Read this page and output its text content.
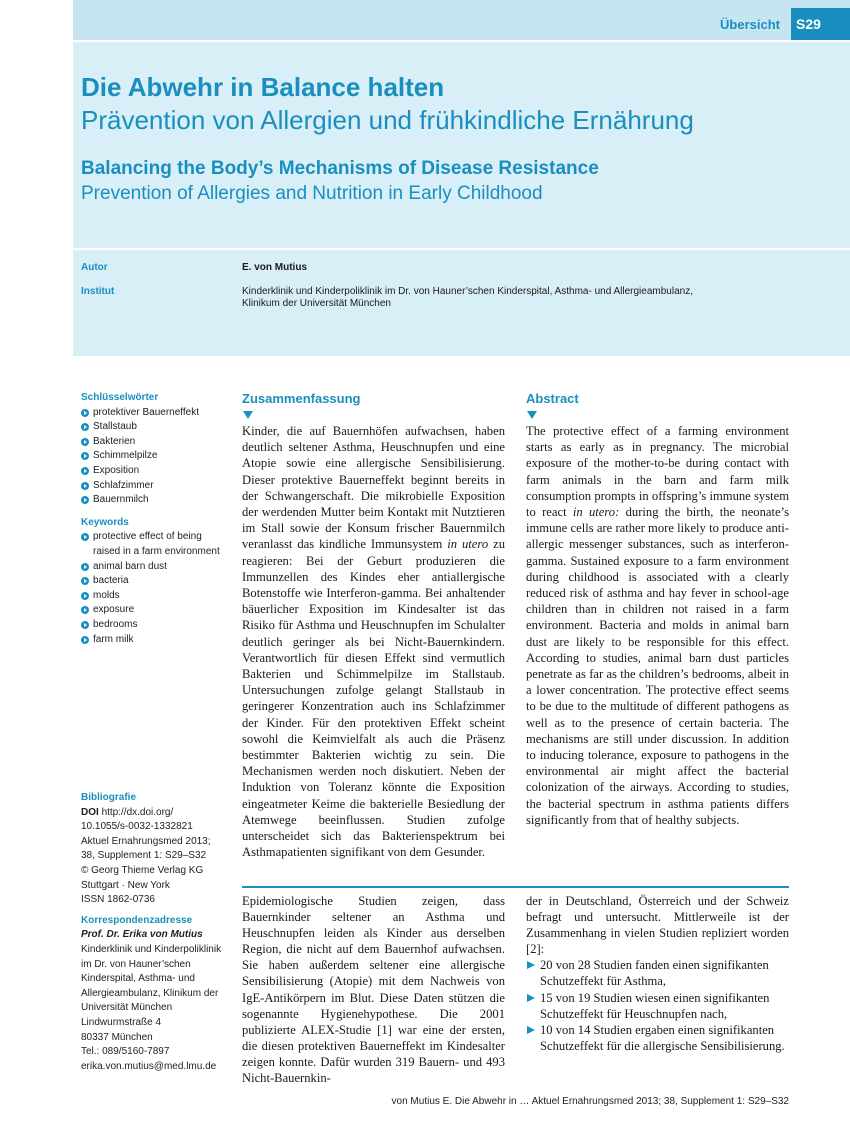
Übersicht	S29
Die Abwehr in Balance halten
Prävention von Allergien und frühkindliche Ernährung
Balancing the Body’s Mechanisms of Disease Resistance
Prevention of Allergies and Nutrition in Early Childhood
Autor	E. von Mutius
Institut	Kinderklinik und Kinderpoliklinik im Dr. von Hauner’schen Kinderspital, Asthma- und Allergieambulanz,
Klinikum der Universität München
Schlüsselwörter
protektiver Bauerneffekt
Stallstaub
Bakterien
Schimmelpilze
Exposition
Schlafzimmer
Bauernmilch
Keywords
protective effect of being raised in a farm environment
animal barn dust
bacteria
molds
exposure
bedrooms
farm milk
Bibliografie

DOI http://dx.doi.org/

10.1055/s-0032-1332821

Aktuel Ernahrungsmed 2013;

38, Supplement 1: S29–S32

© Georg Thieme Verlag KG

Stuttgart · New York

ISSN 1862-0736

Korrespondenzadresse

Prof. Dr. Erika von Mutius

Kinderklinik und Kinderpoliklinik

im Dr. von Hauner’schen

Kinderspital, Asthma- und

Allergieambulanz, Klinikum der

Universität München

Lindwurmstraße 4

80337 München

Tel.: 089/5160-7897

erika.von.mutius@med.lmu.de

Zusammenfassung
Kinder, die auf Bauernhöfen aufwachsen, haben deutlich seltener Asthma, Heuschnupfen und eine Atopie sowie eine allergische Sensibilisierung. Dieser protektive Bauerneffekt beginnt bereits in der Schwangerschaft. Die mikrobielle Exposition der werdenden Mutter beim Kontakt mit Nutztieren im Stall sowie der Konsum frischer Bauernmilch veranlasst das kindliche Immunsystem in utero zu reagieren: Bei der Geburt produzieren die Immunzellen des Kindes eher antiallergische Botenstoffe wie Interferon-gamma. Bei anhaltender bäuerlicher Exposition im Kindesalter ist das Risiko für Asthma und Heuschnupfen im Schulalter deutlich geringer als bei Nicht-Bauernkindern. Verantwortlich für diesen Effekt sind vermutlich Bakterien und Schimmelpilze im Stallstaub. Untersuchungen zufolge gelangt Stallstaub in geringerer Konzentration auch ins Schlafzimmer der Kinder. Für den protektiven Effekt scheint sowohl die Keimvielfalt als auch die Präsenz bestimmter Bakterien wichtig zu sein. Die Mechanismen werden noch diskutiert. Neben der Induktion von Toleranz könnte die Exposition eingeatmeter Keime die bakterielle Besiedlung der Atemwege beeinflussen. Studien zufolge unterscheidet sich das Bakterienspektrum bei Asthmapatienten signifikant von dem Gesunder.
Abstract
The protective effect of a farming environment starts as early as in pregnancy. The microbial exposure of the mother-to-be during contact with farm animals in the barn and farm milk consumption prompts in offspring’s immune system to react in utero: during the birth, the neonate’s immune cells are rather more likely to produce anti-allergic messenger substances, such as interferon-gamma. Sustained exposure to a farm environment during childhood is associated with a clearly reduced risk of asthma and hay fever in school-age children than in children not raised in a farm environment. Bacteria and molds in animal barn dust are likely to be responsible for this effect. According to studies, animal barn dust particles penetrate as far as the children’s bedrooms, albeit in a lower concentration. The protective effect seems to be due to the multitude of different pathogens as well as to the presence of certain bacteria. The mechanisms are still under discussion. In addition to inducing tolerance, exposure to pathogens in the environmental air might affect the bacterial colonization of the airways. According to studies, the bacterial spectrum in asthma patients differs significantly from that of healthy subjects.
Epidemiologische Studien zeigen, dass Bauernkinder seltener an Asthma und Heuschnupfen leiden als Kinder aus derselben Region, die nicht auf dem Bauernhof aufwachsen. Sie haben außerdem seltener eine allergische Sensibilisierung (Atopie) mit dem Nachweis von IgE-Antikörpern im Blut. Diese Daten stützen die sogenannte Hygienehypothese. Die 2001 publizierte ALEX-Studie [1] war eine der ersten, die diesen protektiven Bauerneffekt im Kindesalter zeigen konnte. Dafür wurden 319 Bauern- und 493 Nicht-Bauernkin-
der in Deutschland, Österreich und der Schweiz befragt und untersucht. Mittlerweile ist der Zusammenhang in vielen Studien repliziert worden [2]:
20 von 28 Studien fanden einen signifikanten Schutzeffekt für Asthma,
15 von 19 Studien wiesen einen signifikanten Schutzeffekt für Heuschnupfen nach,
10 von 14 Studien ergaben einen signifikanten Schutzeffekt für die allergische Sensibilisierung.
von Mutius E. Die Abwehr in … Aktuel Ernahrungsmed 2013; 38, Supplement 1: S29–S32
